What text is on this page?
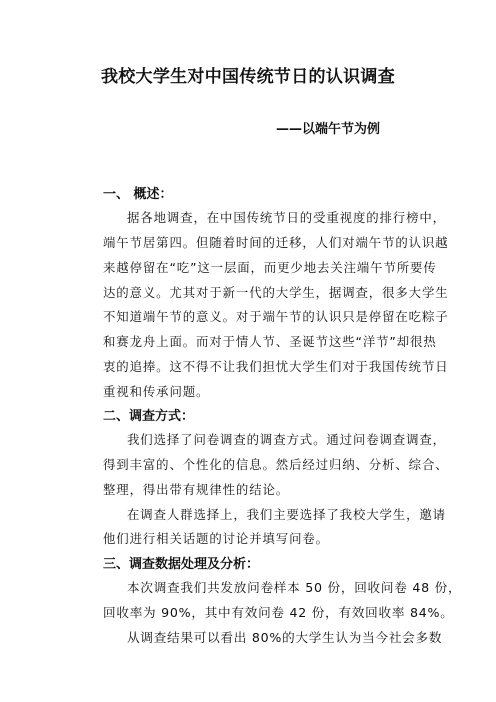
我校大学生对中国传统节日的认识调查
——以端午节为例
一、 概述：
据各地调查，在中国传统节日的受重视度的排行榜中，
端午节居第四。但随着时间的迁移，人们对端午节的认识越
来越停留在“吃”这一层面，而更少地去关注端午节所要传
达的意义。尤其对于新一代的大学生，据调查，很多大学生
不知道端午节的意义。对于端午节的认识只是停留在吃粽子
和赛龙舟上面。而对于情人节、圣诞节这些“洋节”却很热
衷的追捧。这不得不让我们担忧大学生们对于我国传统节日
重视和传承问题。
二、调查方式：
我们选择了问卷调查的调查方式。通过问卷调查调查，
得到丰富的、个性化的信息。然后经过归纳、分析、综合、
整理，得出带有规律性的结论。
在调查人群选择上，我们主要选择了我校大学生，邀请
他们进行相关话题的讨论并填写问卷。
三、调查数据处理及分析：
本次调查我们共发放问卷样本 50 份，回收问卷 48 份，
回收率为 90%，其中有效问卷 42 份，有效回收率 84%。
从调查结果可以看出 80%的大学生认为当今社会多数
